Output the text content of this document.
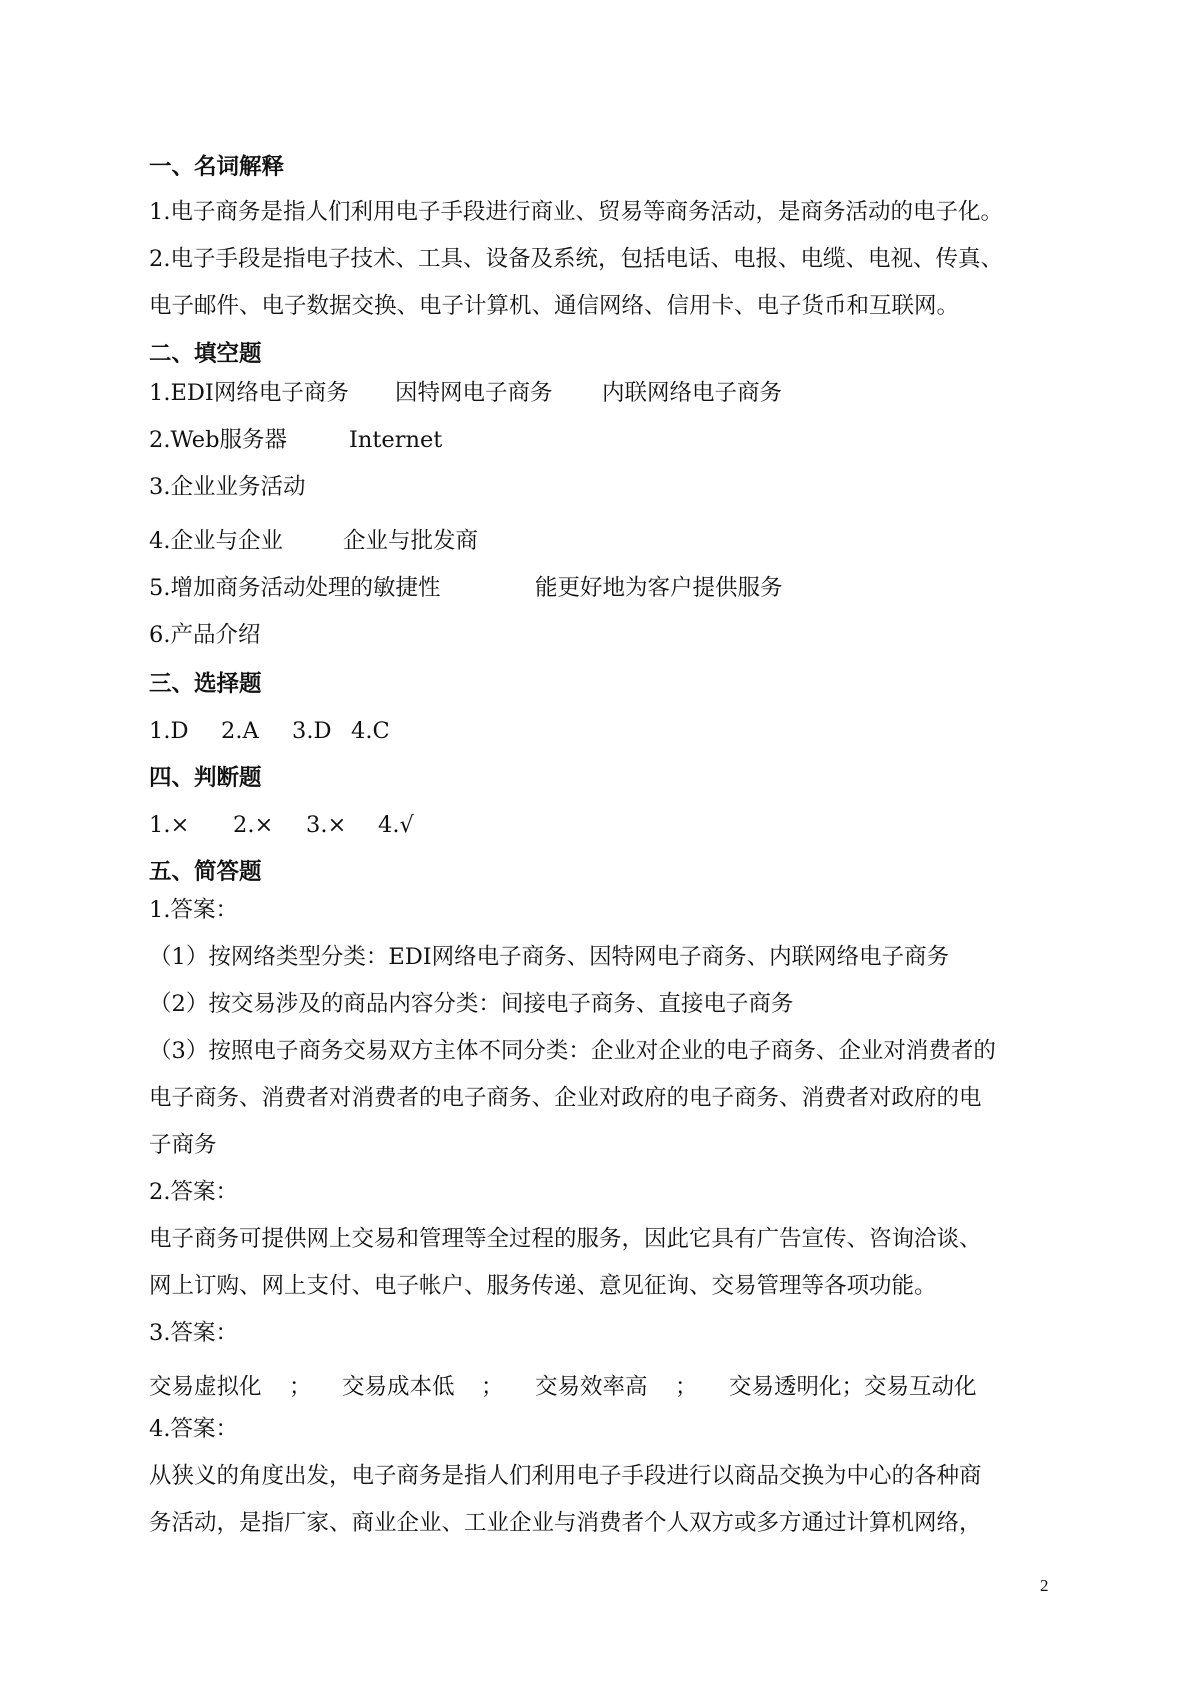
一、名词解释
1.电子商务是指人们利用电子手段进行商业、贸易等商务活动，是商务活动的电子化。
2.电子手段是指电子技术、工具、设备及系统，包括电话、电报、电缆、电视、传真、
电子邮件、电子数据交换、电子计算机、通信网络、信用卡、电子货币和互联网。
二、填空题
1.EDI网络电子商务 因特网电子商务 内联网络电子商务
2.Web服务器	Internet
3.企业业务活动
4.企业与企业	企业与批发商
5.增加商务活动处理的敏捷性	能更好地为客户提供服务
6.产品介绍
三、选择题
1.D 2.A 3.D 4.C
四、判断题
1.× 2.× 3.× 4.√
五、简答题
1.答案：
（1）按网络类型分类：EDI网络电子商务、因特网电子商务、内联网络电子商务
（2）按交易涉及的商品内容分类：间接电子商务、直接电子商务
（3）按照电子商务交易双方主体不同分类：企业对企业的电子商务、企业对消费者的
电子商务、消费者对消费者的电子商务、企业对政府的电子商务、消费者对政府的电
子商务
2.答案：
电子商务可提供网上交易和管理等全过程的服务，因此它具有广告宣传、咨询洽谈、
网上订购、网上支付、电子帐户、服务传递、意见征询、交易管理等各项功能。
3.答案：
交易虚拟化 ； 交易成本低 ； 交易效率高 ； 交易透明化；交易互动化
4.答案：
从狭义的角度出发，电子商务是指人们利用电子手段进行以商品交换为中心的各种商
务活动，是指厂家、商业企业、工业企业与消费者个人双方或多方通过计算机网络，
2
